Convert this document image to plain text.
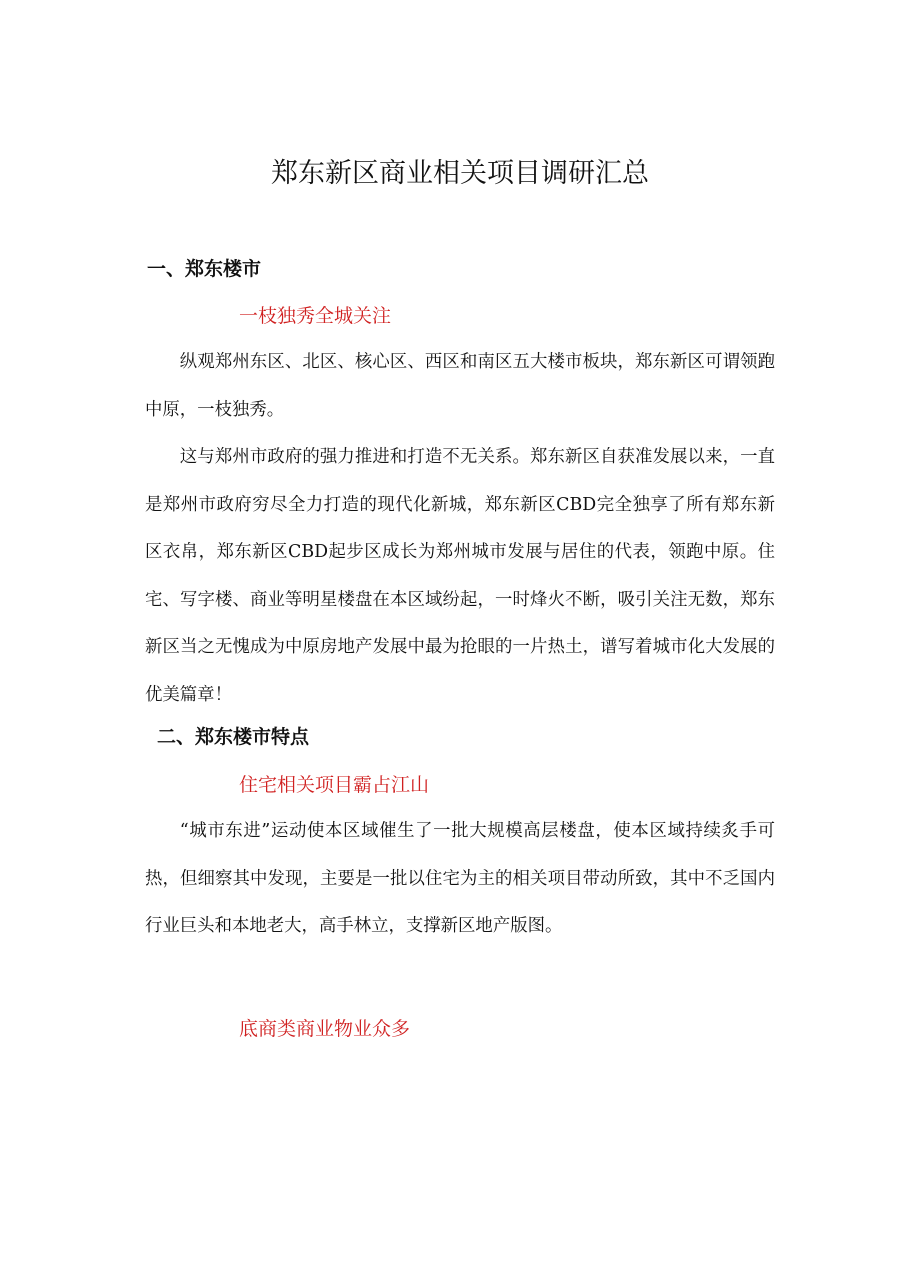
郑东新区商业相关项目调研汇总
一、郑东楼市
一枝独秀全城关注

纵观郑州东区、北区、核心区、西区和南区五大楼市板块，郑东新区可谓领跑中原，一枝独秀。

这与郑州市政府的强力推进和打造不无关系。郑东新区自获准发展以来，一直是郑州市政府穷尽全力打造的现代化新城，郑东新区CBD完全独享了所有郑东新区衣帛，郑东新区CBD起步区成长为郑州城市发展与居住的代表，领跑中原。住宅、写字楼、商业等明星楼盘在本区域纷起，一时烽火不断，吸引关注无数，郑东新区当之无愧成为中原房地产发展中最为抢眼的一片热土，谱写着城市化大发展的优美篇章！

二、郑东楼市特点
住宅相关项目霸占江山

“城市东进”运动使本区域催生了一批大规模高层楼盘，使本区域持续炙手可热，但细察其中发现，主要是一批以住宅为主的相关项目带动所致，其中不乏国内行业巨头和本地老大，高手林立，支撑新区地产版图。

底商类商业物业众多
